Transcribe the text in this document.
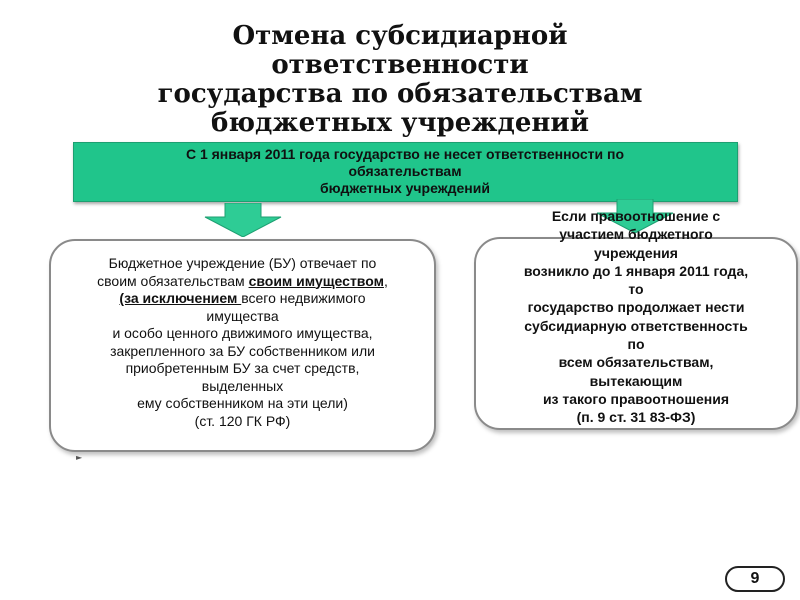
Отмена субсидиарной ответственности
государства по обязательствам
бюджетных учреждений
С 1 января 2011 года государство не несет ответственности по
обязательствам
бюджетных учреждений
Бюджетное учреждение (БУ) отвечает по
своим обязательствам своим имуществом,
(за исключением всего недвижимого
имущества
и особо ценного движимого имущества,
закрепленного за БУ собственником или
приобретенным БУ за счет средств,
выделенных
ему собственником на эти цели)
(ст. 120 ГК РФ)
Если правоотношение с
участием бюджетного
учреждения
возникло до 1 января 2011 года,
то
государство продолжает нести
субсидиарную ответственность
по
всем обязательствам,
вытекающим
из такого правоотношения
(п. 9 ст. 31 83-ФЗ)
►
9
